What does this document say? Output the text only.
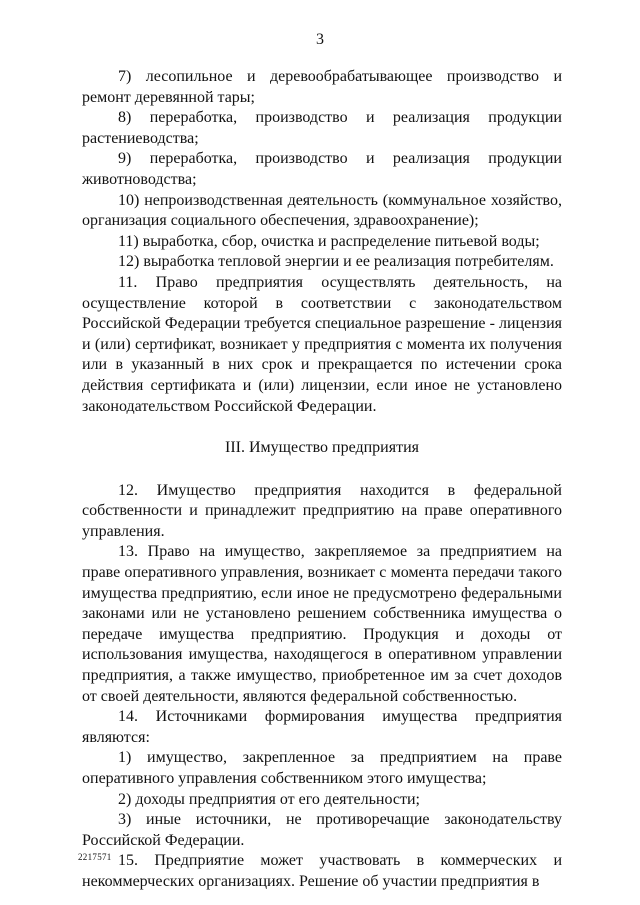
3

7) лесопильное и деревообрабатывающее производство и ремонт деревянной тары;

8) переработка, производство и реализация продукции растениеводства;

9) переработка, производство и реализация продукции животноводства;

10) непроизводственная деятельность (коммунальное хозяйство, организация социального обеспечения, здравоохранение);

11) выработка, сбор, очистка и распределение питьевой воды;

12) выработка тепловой энергии и ее реализация потребителям.

11. Право предприятия осуществлять деятельность, на осуществление которой в соответствии с законодательством Российской Федерации требуется специальное разрешение - лицензия и (или) сертификат, возникает у предприятия с момента их получения или в указанный в них срок и прекращается по истечении срока действия сертификата и (или) лицензии, если иное не установлено законодательством Российской Федерации.

III. Имущество предприятия

12. Имущество предприятия находится в федеральной собственности и принадлежит предприятию на праве оперативного управления.

13. Право на имущество, закрепляемое за предприятием на праве оперативного управления, возникает с момента передачи такого имущества предприятию, если иное не предусмотрено федеральными законами или не установлено решением собственника имущества о передаче имущества предприятию. Продукция и доходы от использования имущества, находящегося в оперативном управлении предприятия, а также имущество, приобретенное им за счет доходов от своей деятельности, являются федеральной собственностью.

14. Источниками формирования имущества предприятия являются:

1) имущество, закрепленное за предприятием на праве оперативного управления собственником этого имущества;

2) доходы предприятия от его деятельности;

3) иные источники, не противоречащие законодательству Российской Федерации.

15. Предприятие может участвовать в коммерческих и некоммерческих организациях. Решение об участии предприятия в

2217571
